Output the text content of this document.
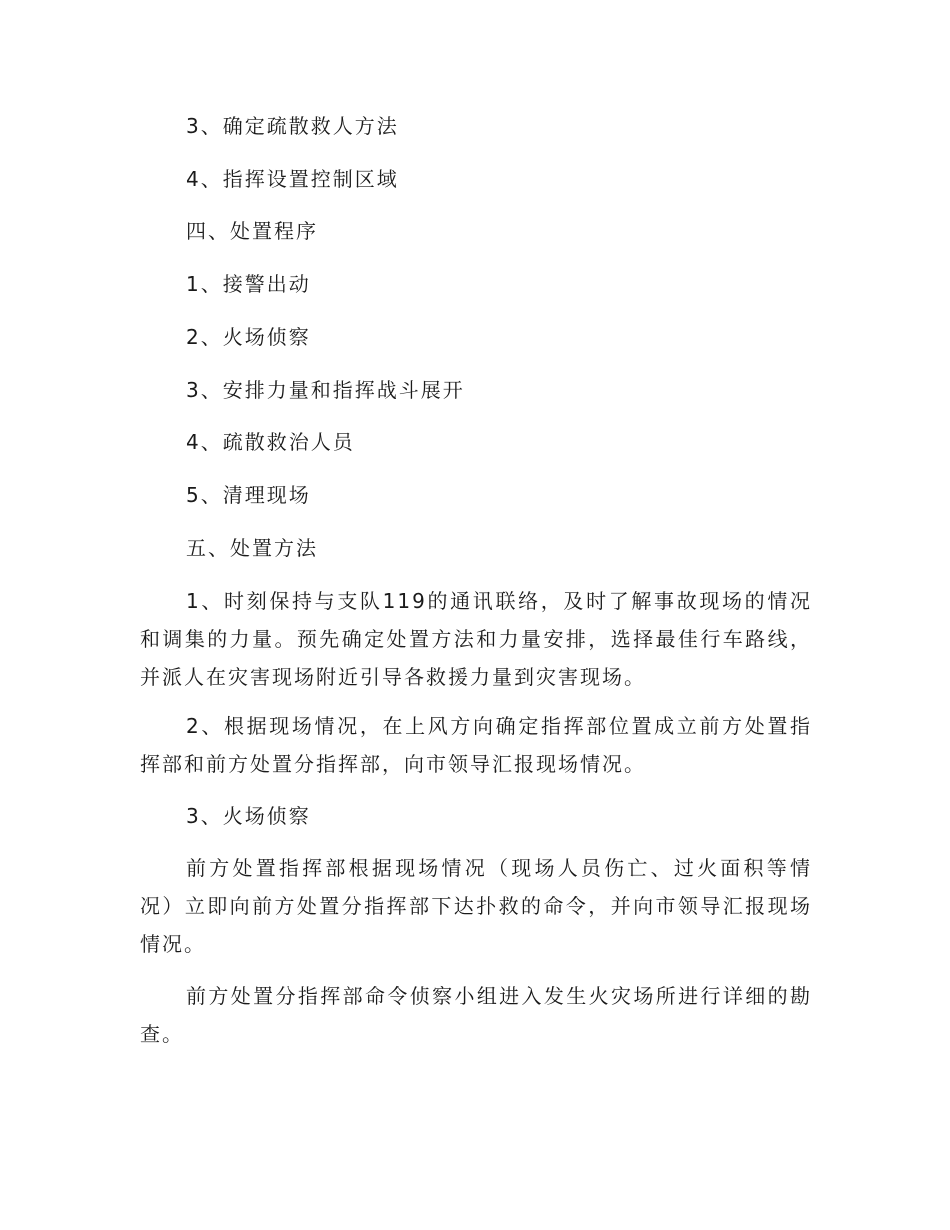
3、确定疏散救人方法
4、指挥设置控制区域
四、处置程序
1、接警出动
2、火场侦察
3、安排力量和指挥战斗展开
4、疏散救治人员
5、清理现场
五、处置方法
1、时刻保持与支队119的通讯联络，及时了解事故现场的情况和调集的力量。预先确定处置方法和力量安排，选择最佳行车路线，并派人在灾害现场附近引导各救援力量到灾害现场。
2、根据现场情况，在上风方向确定指挥部位置成立前方处置指挥部和前方处置分指挥部，向市领导汇报现场情况。
3、火场侦察
前方处置指挥部根据现场情况（现场人员伤亡、过火面积等情况）立即向前方处置分指挥部下达扑救的命令，并向市领导汇报现场情况。
前方处置分指挥部命令侦察小组进入发生火灾场所进行详细的勘查。
